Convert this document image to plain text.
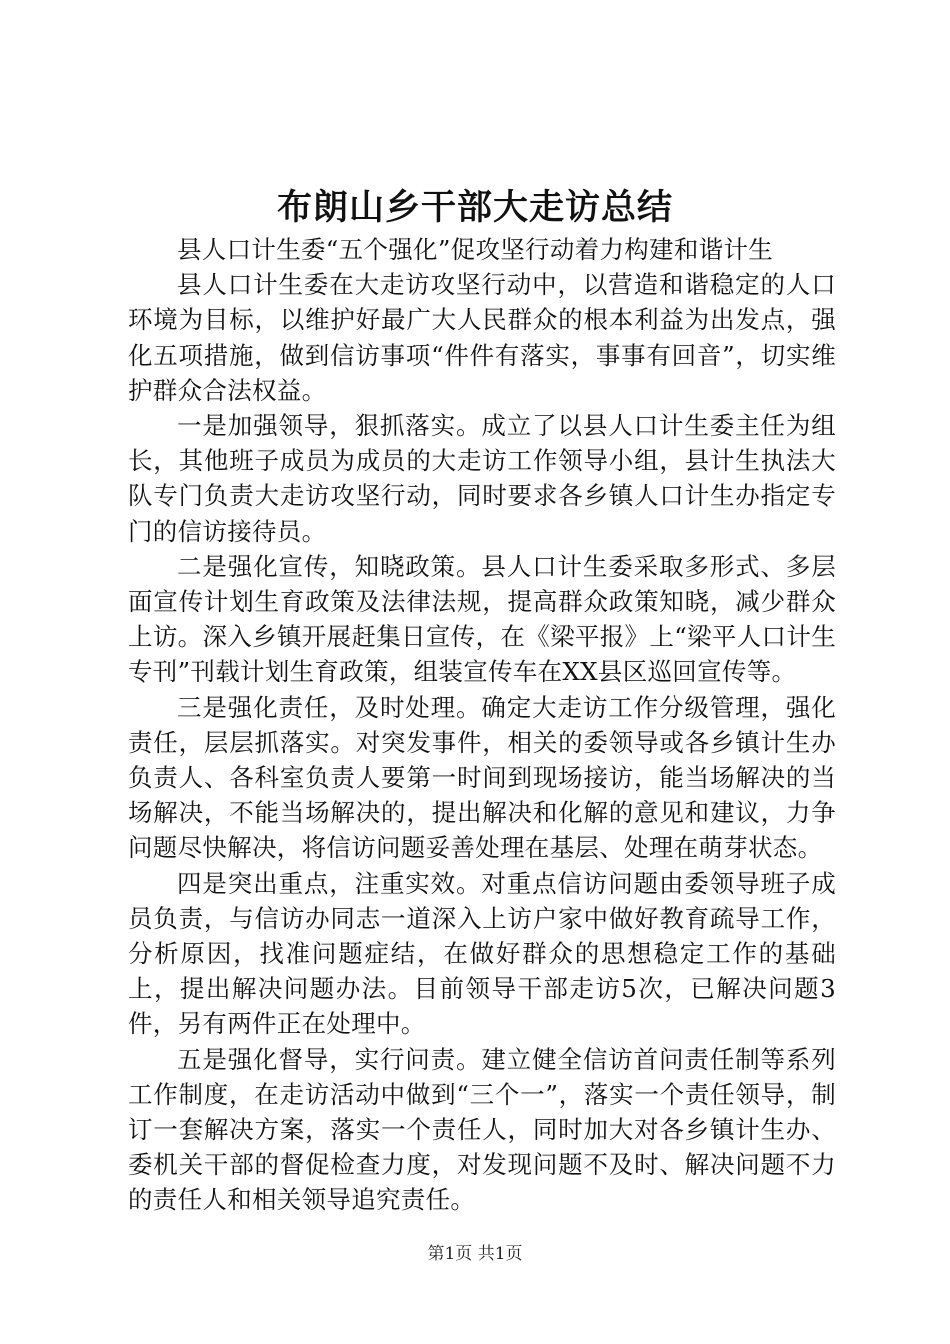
布朗山乡干部大走访总结

县人口计生委“五个强化”促攻坚行动着力构建和谐计生

县人口计生委在大走访攻坚行动中，以营造和谐稳定的人口环境为目标，以维护好最广大人民群众的根本利益为出发点，强化五项措施，做到信访事项“件件有落实，事事有回音”，切实维护群众合法权益。

一是加强领导，狠抓落实。成立了以县人口计生委主任为组长，其他班子成员为成员的大走访工作领导小组，县计生执法大队专门负责大走访攻坚行动，同时要求各乡镇人口计生办指定专门的信访接待员。

二是强化宣传，知晓政策。县人口计生委采取多形式、多层面宣传计划生育政策及法律法规，提高群众政策知晓，减少群众上访。深入乡镇开展赶集日宣传，在《梁平报》上“梁平人口计生专刊”刊载计划生育政策，组装宣传车在XX县区巡回宣传等。

三是强化责任，及时处理。确定大走访工作分级管理，强化责任，层层抓落实。对突发事件，相关的委领导或各乡镇计生办负责人、各科室负责人要第一时间到现场接访，能当场解决的当场解决，不能当场解决的，提出解决和化解的意见和建议，力争问题尽快解决，将信访问题妥善处理在基层、处理在萌芽状态。

四是突出重点，注重实效。对重点信访问题由委领导班子成员负责，与信访办同志一道深入上访户家中做好教育疏导工作，分析原因，找准问题症结，在做好群众的思想稳定工作的基础上，提出解决问题办法。目前领导干部走访5次，已解决问题3件，另有两件正在处理中。

五是强化督导，实行问责。建立健全信访首问责任制等系列工作制度，在走访活动中做到“三个一”，落实一个责任领导，制订一套解决方案，落实一个责任人，同时加大对各乡镇计生办、委机关干部的督促检查力度，对发现问题不及时、解决问题不力的责任人和相关领导追究责任。

第1页 共1页
